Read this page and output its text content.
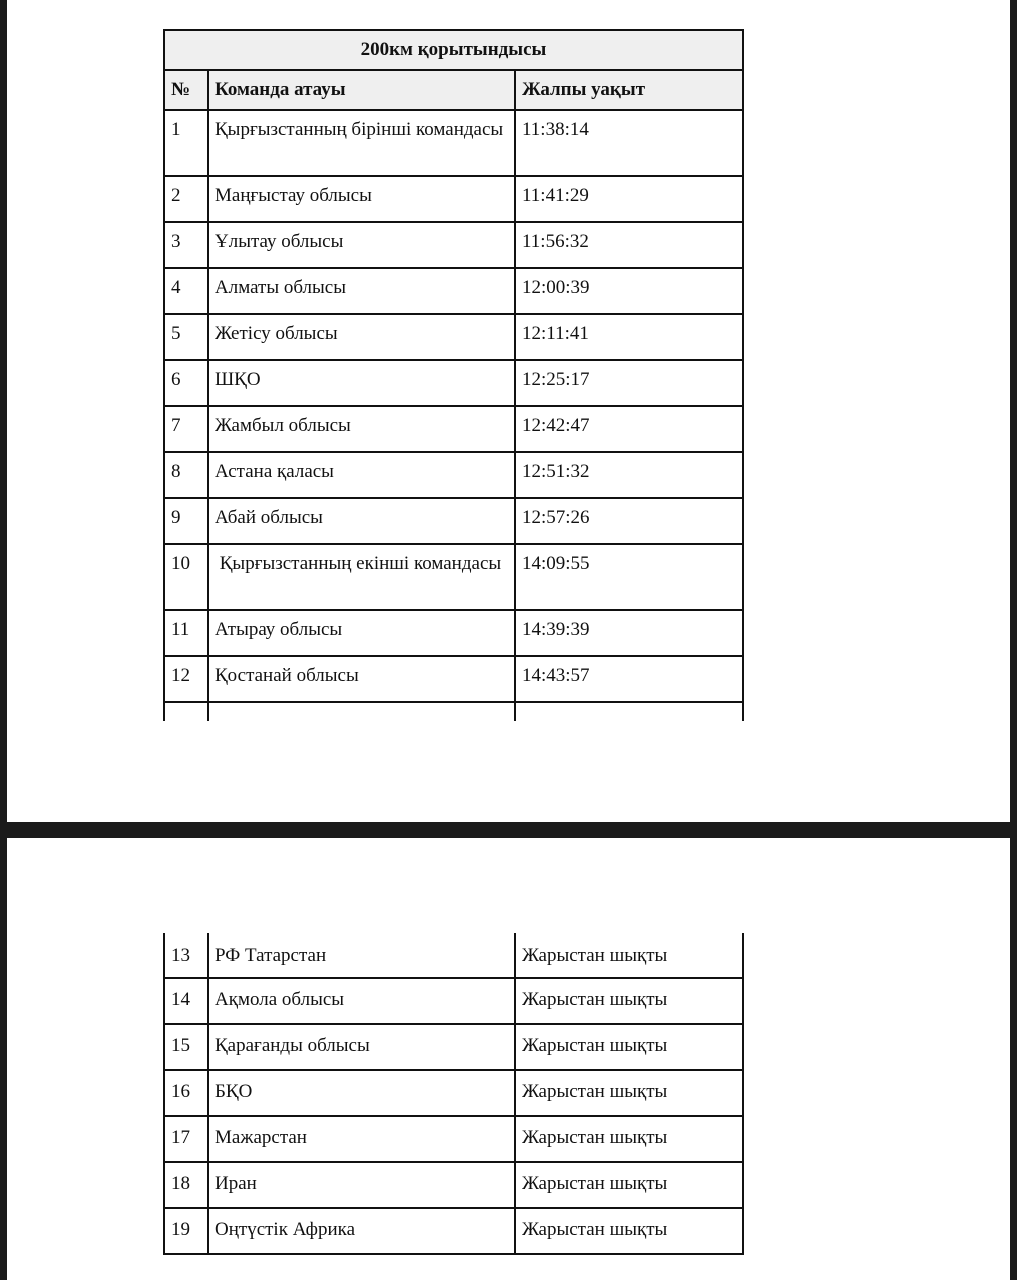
200км қорытындысы		
№	Команда атауы	Жалпы уақыт
1	Қырғызстанның бірінші командасы	11:38:14
2	Маңғыстау облысы	11:41:29
3	Ұлытау облысы	11:56:32
4	Алматы облысы	12:00:39
5	Жетісу облысы	12:11:41
6	ШҚО	12:25:17
7	Жамбыл облысы	12:42:47
8	Астана қаласы	12:51:32
9	Абай облысы	12:57:26
10	Қырғызстанның екінші командасы	14:09:55
11	Атырау облысы	14:39:39
12	Қостанай облысы	14:43:57

13	РФ Татарстан	Жарыстан шықты
14	Ақмола облысы	Жарыстан шықты
15	Қарағанды облысы	Жарыстан шықты
16	БҚО	Жарыстан шықты
17	Мажарстан	Жарыстан шықты
18	Иран	Жарыстан шықты
19	Оңтүстік Африка	Жарыстан шықты
